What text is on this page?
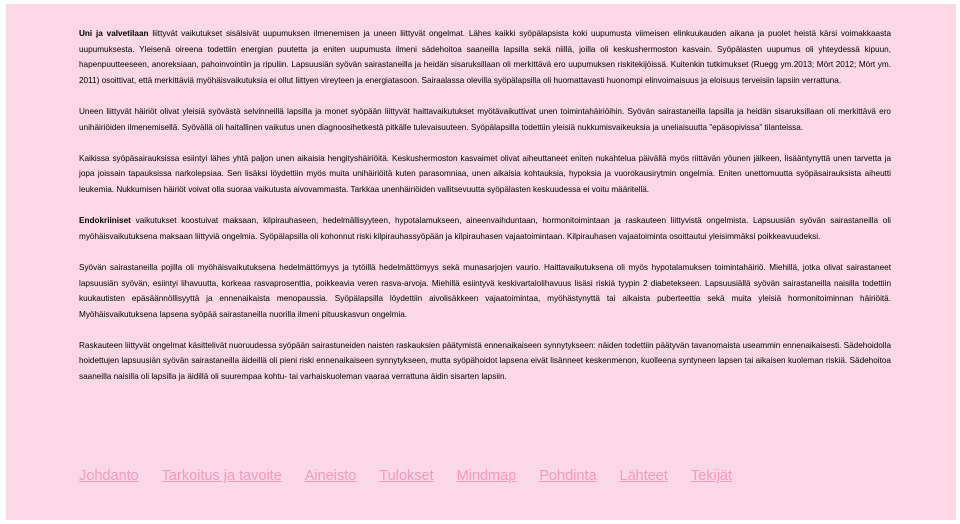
Uni ja valvetilaan liittyvät vaikutukset sisälsivät uupumuksen ilmenemisen ja uneen liittyvät ongelmat. Lähes kaikki syöpälapsista koki uupumusta viimeisen elinkuukauden aikana ja puolet heistä kärsi voimakkaasta uupumuksesta. Yleisenä oireena todettiin energian puutetta ja eniten uupumusta ilmeni sädehoitoa saaneilla lapsilla sekä niillä, joilla oli keskushermoston kasvain. Syöpälasten uupumus oli yhteydessä kipuun, hapenpuutteeseen, anoreksiaan, pahoinvointiin ja ripuliin. Lapsuusiän syövän sairastaneilla ja heidän sisaruksillaan oli merkittävä ero uupumuksen riskitekijöissä. Kuitenkin tutkimukset (Ruegg ym.2013; Mört 2012; Mört ym. 2011) osoittivat, että merkittäviä myöhäisvaikutuksia ei ollut liittyen vireyteen ja energiatasoon. Sairaalassa olevilla syöpälapsilla oli huomattavasti huonompi elinvoimaisuus ja eloisuus terveisiin lapsiin verrattuna.

Uneen liittyvät häiriöt olivat yleisiä syövästä selvinneillä lapsilla ja monet syöpään liittyvät haittavaikutukset myötävaikuttivat unen toimintahäiriöihin. Syövän sairastaneilla lapsilla ja heidän sisaruksillaan oli merkittävä ero unihäiriöiden ilmenemisellä. Syövällä oli haitallinen vaikutus unen diagnoosihetkestä pitkälle tulevaisuuteen. Syöpälapsilla todettiin yleisiä nukkumisvaikeuksia ja uneliaisuutta ”epäsopivissa” tilanteissa.

Kaikissa syöpäsairauksissa esiintyi lähes yhtä paljon unen aikaisia hengityshäiriöitä. Keskushermoston kasvaimet olivat aiheuttaneet eniten nukahtelua päivällä myös riittävän yöunen jälkeen, lisääntynyttä unen tarvetta ja jopa joissain tapauksissa narkolepsiaa. Sen lisäksi löydettiin myös muita unihäiriöitä kuten parasomniaa, unen aikaisia kohtauksia, hypoksia ja vuorokausirytmin ongelmia. Eniten unettomuutta syöpäsairauksista aiheutti leukemia. Nukkumisen häiriöt voivat olla suoraa vaikutusta aivovammasta. Tarkkaa unenhäiriöiden vallitsevuutta syöpälasten keskuudessa ei voitu määritellä.

Endokriiniset vaikutukset koostuivat maksaan, kilpirauhaseen, hedelmällisyyteen, hypotalamukseen, aineenvaihduntaan, hormonitoimintaan ja raskauteen liittyvistä ongelmista. Lapsuusiän syövän sairastaneilla oli myöhäisvaikutuksena maksaan liittyviä ongelmia. Syöpälapsilla oli kohonnut riski kilpirauhassyöpään ja kilpirauhasen vajaatoimintaan. Kilpirauhasen vajaatoiminta osoittautui yleisimmäksi poikkeavuudeksi.

Syövän sairastaneilla pojilla oli myöhäisvaikutuksena hedelmättömyys ja tytöillä hedelmättömyys sekä munasarjojen vaurio. Haittavaikutuksena oli myös hypotalamuksen toimintahäiriö. Miehillä, jotka olivat sairastaneet lapsuusiän syövän, esiintyi lihavuutta, korkeaa rasvaprosenttia, poikkeavia veren rasva-arvoja. Miehillä esiintyvä keskivartalolihavuus lisäsi riskiä tyypin 2 diabetekseen. Lapsuusiällä syövän sairastaneilla naisilla todettiin kuukautisten epäsäännöllisyyttä ja ennenaikaista menopaussia. Syöpälapsilla löydettiin aivolisäkkeen vajaatoimintaa, myöhästynyttä tai aikaista puberteettia sekä muita yleisiä hormonitoiminnan häiriöitä. Myöhäisvaikutuksena lapsena syöpää sairastaneilla nuorilla ilmeni pituuskasvun ongelmia.

Raskauteen liittyvät ongelmat käsittelivät nuoruudessa syöpään sairastuneiden naisten raskauksien päätymistä ennenaikaiseen synnytykseen: näiden todettiin päätyvän tavanomaista useammin ennenaikaisesti. Sädehoidolla hoidettujen lapsuusiän syövän sairastaneilla äideillä oli pieni riski ennenaikaiseen synnytykseen, mutta syöpähoidot lapsena eivät lisänneet keskenmenon, kuolleena syntyneen lapsen tai aikaisen kuoleman riskiä. Sädehoitoa saaneilla naisilla oli lapsilla ja äidillä oli suurempaa kohtu- tai varhaiskuoleman vaaraa verrattuna äidin sisarten lapsiin.

Johdanto Tarkoitus ja tavoite Aineisto Tulokset Mindmap Pohdinta Lähteet Tekijät
